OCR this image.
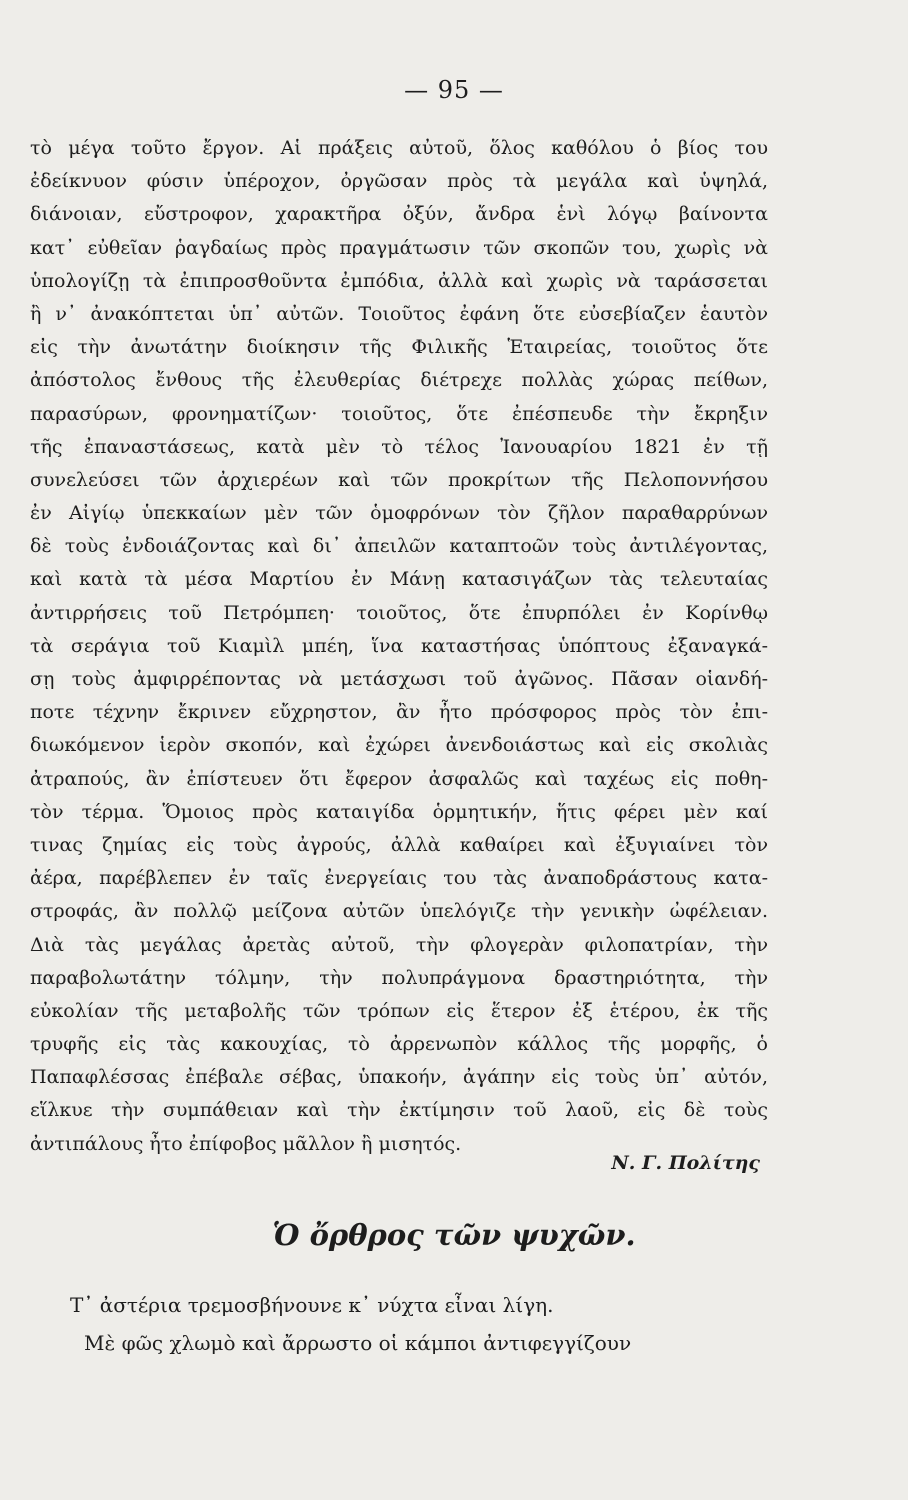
— 95 —
τὸ μέγα τοῦτο ἔργον. Αἱ πράξεις αὐτοῦ, ὅλος καθόλου ὁ βίος του
ἐδείκνυον φύσιν ὑπέροχον, ὀργῶσαν πρὸς τὰ μεγάλα καὶ ὑψηλά,
διάνοιαν, εὔστροφον, χαρακτῆρα ὀξύν, ἄνδρα ἑνὶ λόγῳ βαίνοντα
κατ᾽ εὐθεῖαν ῥαγδαίως πρὸς πραγμάτωσιν τῶν σκοπῶν του, χωρὶς νὰ
ὑπολογίζῃ τὰ ἐπιπροσθοῦντα ἐμπόδια, ἀλλὰ καὶ χωρὶς νὰ ταράσσεται
ἢ ν᾽ ἀνακόπτεται ὑπ᾽ αὐτῶν. Τοιοῦτος ἐφάνη ὅτε εὐσεβίαζεν ἑαυτὸν
εἰς τὴν ἀνωτάτην διοίκησιν τῆς Φιλικῆς Ἑταιρείας, τοιοῦτος ὅτε
ἀπόστολος ἔνθους τῆς ἐλευθερίας διέτρεχε πολλὰς χώρας πείθων,
παρασύρων, φρονηματίζων· τοιοῦτος, ὅτε ἐπέσπευδε τὴν ἔκρηξιν
τῆς ἐπαναστάσεως, κατὰ μὲν τὸ τέλος Ἰανουαρίου 1821 ἐν τῇ
συνελεύσει τῶν ἀρχιερέων καὶ τῶν προκρίτων τῆς Πελοποννήσου
ἐν Αἰγίῳ ὑπεκκαίων μὲν τῶν ὁμοφρόνων τὸν ζῆλον παραθαρρύνων
δὲ τοὺς ἐνδοιάζοντας καὶ δι᾽ ἀπειλῶν καταπτοῶν τοὺς ἀντιλέγοντας,
καὶ κατὰ τὰ μέσα Μαρτίου ἐν Μάνῃ κατασιγάζων τὰς τελευταίας
ἀντιρρήσεις τοῦ Πετρόμπεη· τοιοῦτος, ὅτε ἐπυρπόλει ἐν Κορίνθῳ
τὰ σεράγια τοῦ Κιαμὶλ μπέη, ἵνα καταστήσας ὑπόπτους ἐξαναγκά-
σῃ τοὺς ἀμφιρρέποντας νὰ μετάσχωσι τοῦ ἀγῶνος. Πᾶσαν οἱανδή-
ποτε τέχνην ἔκρινεν εὔχρηστον, ἂν ἦτο πρόσφορος πρὸς τὸν ἐπι-
διωκόμενον ἱερὸν σκοπόν, καὶ ἐχώρει ἀνενδοιάστως καὶ εἰς σκολιὰς
ἀτραπούς, ἂν ἐπίστευεν ὅτι ἔφερον ἀσφαλῶς καὶ ταχέως εἰς ποθη-
τὸν τέρμα. Ὅμοιος πρὸς καταιγίδα ὁρμητικήν, ἥτις φέρει μὲν καί
τινας ζημίας εἰς τοὺς ἀγρούς, ἀλλὰ καθαίρει καὶ ἐξυγιαίνει τὸν
ἀέρα, παρέβλεπεν ἐν ταῖς ἐνεργείαις του τὰς ἀναποδράστους κατα-
στροφάς, ἂν πολλῷ μείζονα αὐτῶν ὑπελόγιζε τὴν γενικὴν ὠφέλειαν.
Διὰ τὰς μεγάλας ἀρετὰς αὐτοῦ, τὴν φλογερὰν φιλοπατρίαν, τὴν
παραβολωτάτην τόλμην, τὴν πολυπράγμονα δραστηριότητα, τὴν
εὐκολίαν τῆς μεταβολῆς τῶν τρόπων εἰς ἕτερον ἐξ ἑτέρου, ἐκ τῆς
τρυφῆς εἰς τὰς κακουχίας, τὸ ἀρρενωπὸν κάλλος τῆς μορφῆς, ὁ
Παπαφλέσσας ἐπέβαλε σέβας, ὑπακοήν, ἀγάπην εἰς τοὺς ὑπ᾽ αὐτόν,
εἵλκυε τὴν συμπάθειαν καὶ τὴν ἐκτίμησιν τοῦ λαοῦ, εἰς δὲ τοὺς
ἀντιπάλους ἦτο ἐπίφοβος μᾶλλον ἢ μισητός.
Ν. Γ. Πολίτης
Ὁ ὄρθρος τῶν ψυχῶν.
Τ᾽ ἀστέρια τρεμοσβήνουνε κ᾽ νύχτα εἶναι λίγη.
Μὲ φῶς χλωμὸ καὶ ἄρρωστο οἱ κάμποι ἀντιφεγγίζουν
